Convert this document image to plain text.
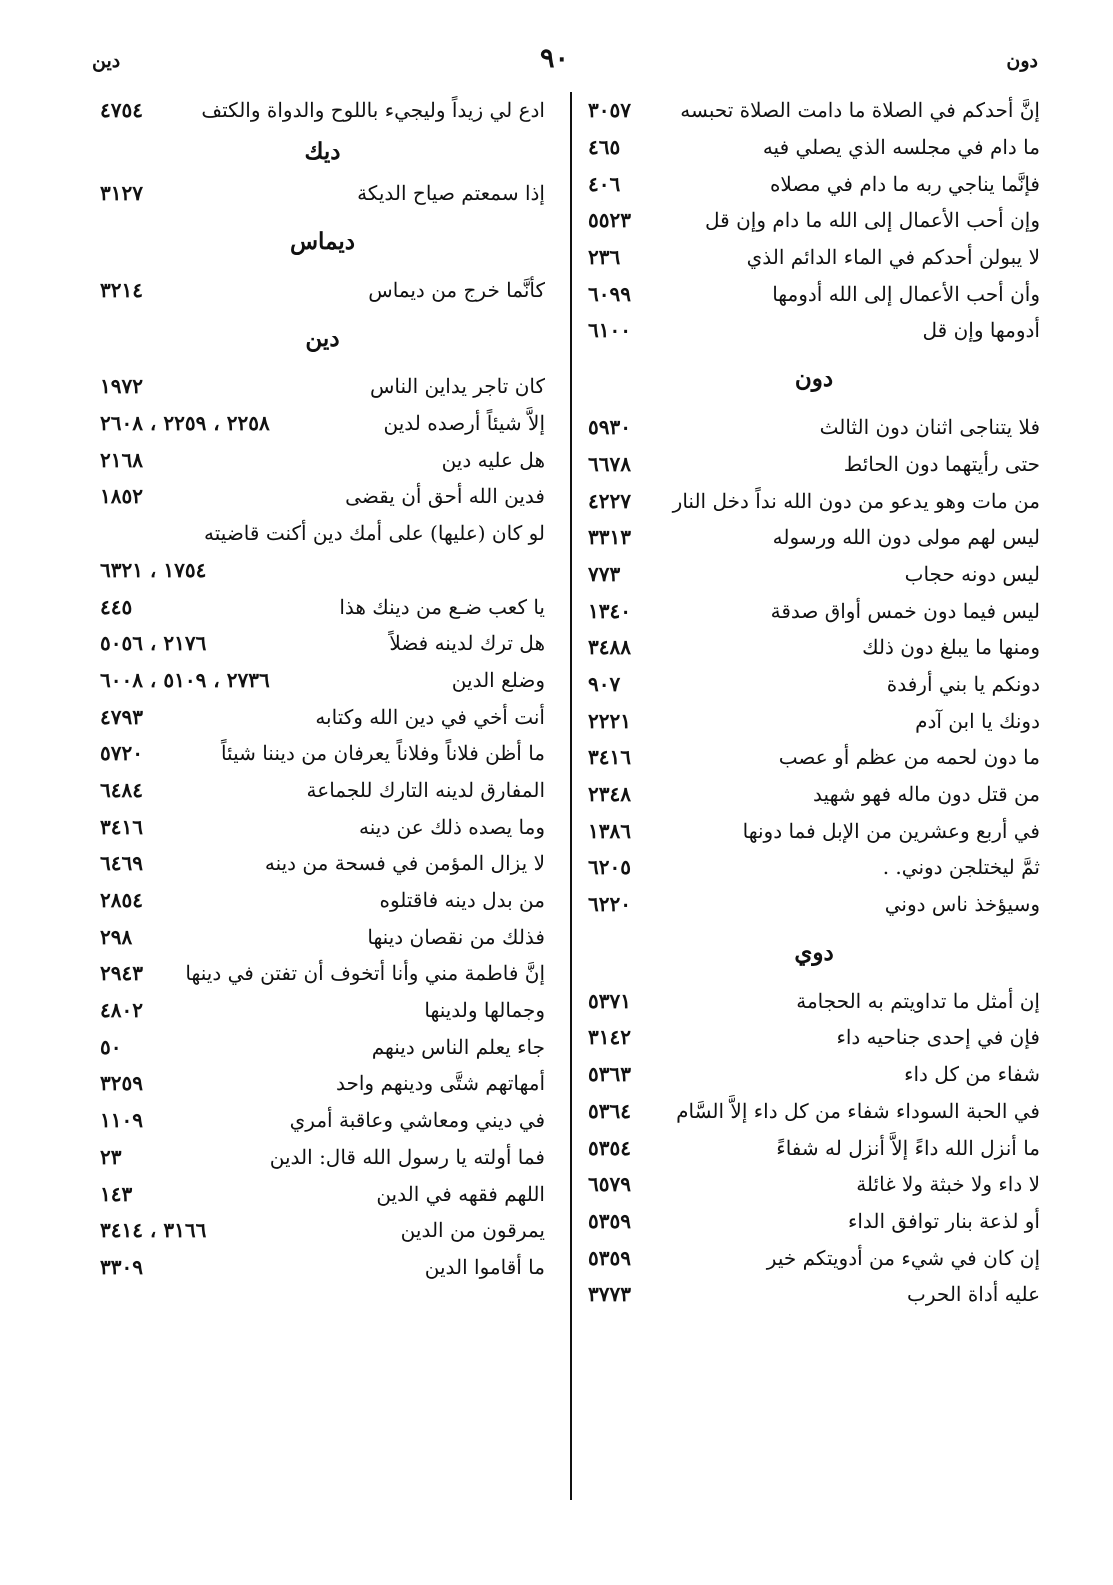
دون
٩٠
دين
إنَّ أحدكم في الصلاة ما دامت الصلاة تحبسه
٣٠٥٧
ما دام في مجلسه الذي يصلي فيه
٤٦٥
فإنَّما يناجي ربه ما دام في مصلاه
٤٠٦
وإن أحب الأعمال إلى الله ما دام وإن قل
٥٥٢٣
لا يبولن أحدكم في الماء الدائم الذي
٢٣٦
وأن أحب الأعمال إلى الله أدومها
٦٠٩٩
أدومها وإن قل
٦١٠٠
دون
فلا يتناجى اثنان دون الثالث
٥٩٣٠
حتى رأيتهما دون الحائط
٦٦٧٨
من مات وهو يدعو من دون الله نداً دخل النار
٤٢٢٧
ليس لهم مولى دون الله ورسوله
٣٣١٣
ليس دونه حجاب
٧٧٣
ليس فيما دون خمس أواق صدقة
١٣٤٠
ومنها ما يبلغ دون ذلك
٣٤٨٨
دونكم يا بني أرفدة
٩٠٧
دونك يا ابن آدم
٢٢٢١
ما دون لحمه من عظم أو عصب
٣٤١٦
من قتل دون ماله فهو شهيد
٢٣٤٨
في أربع وعشرين من الإبل فما دونها
١٣٨٦
ثمَّ ليختلجن دوني. .
٦٢٠٥
وسيؤخذ ناس دوني
٦٢٢٠
دوي
إن أمثل ما تداويتم به الحجامة
٥٣٧١
فإن في إحدى جناحيه داء
٣١٤٢
شفاء من كل داء
٥٣٦٣
في الحبة السوداء شفاء من كل داء إلاَّ السَّام
٥٣٦٤
ما أنزل الله داءً إلاَّ أنزل له شفاءً
٥٣٥٤
لا داء ولا خبثة ولا غائلة
٦٥٧٩
أو لذعة بنار توافق الداء
٥٣٥٩
إن كان في شيء من أدويتكم خير
٥٣٥٩
عليه أداة الحرب
٣٧٧٣
ادع لي زيداً وليجيء باللوح والدواة والكتف
٤٧٥٤
ديك
إذا سمعتم صياح الديكة
٣١٢٧
ديماس
كأنَّما خرج من ديماس
٣٢١٤
دين
كان تاجر يداين الناس
١٩٧٢
إلاَّ شيئاً أرصده لدين
٢٢٥٨ ، ٢٢٥٩ ، ٢٦٠٨
هل عليه دين
٢١٦٨
فدين الله أحق أن يقضى
١٨٥٢
لو كان (عليها) على أمك دين أكنت قاضيته
١٧٥٤ ، ٦٣٢١
يا كعب ضـع من دينك هذا
٤٤٥
هل ترك لدينه فضلاً
٢١٧٦ ، ٥٠٥٦
وضلع الدين
٢٧٣٦ ، ٥١٠٩ ، ٦٠٠٨
أنت أخي في دين الله وكتابه
٤٧٩٣
ما أظن فلاناً وفلاناً يعرفان من ديننا شيئاً
٥٧٢٠
المفارق لدينه التارك للجماعة
٦٤٨٤
وما يصده ذلك عن دينه
٣٤١٦
لا يزال المؤمن في فسحة من دينه
٦٤٦٩
من بدل دينه فاقتلوه
٢٨٥٤
فذلك من نقصان دينها
٢٩٨
إنَّ فاطمة مني وأنا أتخوف أن تفتن في دينها
٢٩٤٣
وجمالها ولدينها
٤٨٠٢
جاء يعلم الناس دينهم
٥٠
أمهاتهم شتَّى ودينهم واحد
٣٢٥٩
في ديني ومعاشي وعاقبة أمري
١١٠٩
فما أولته يا رسول الله قال: الدين
٢٣
اللهم فقهه في الدين
١٤٣
يمرقون من الدين
٣١٦٦ ، ٣٤١٤
ما أقاموا الدين
٣٣٠٩
